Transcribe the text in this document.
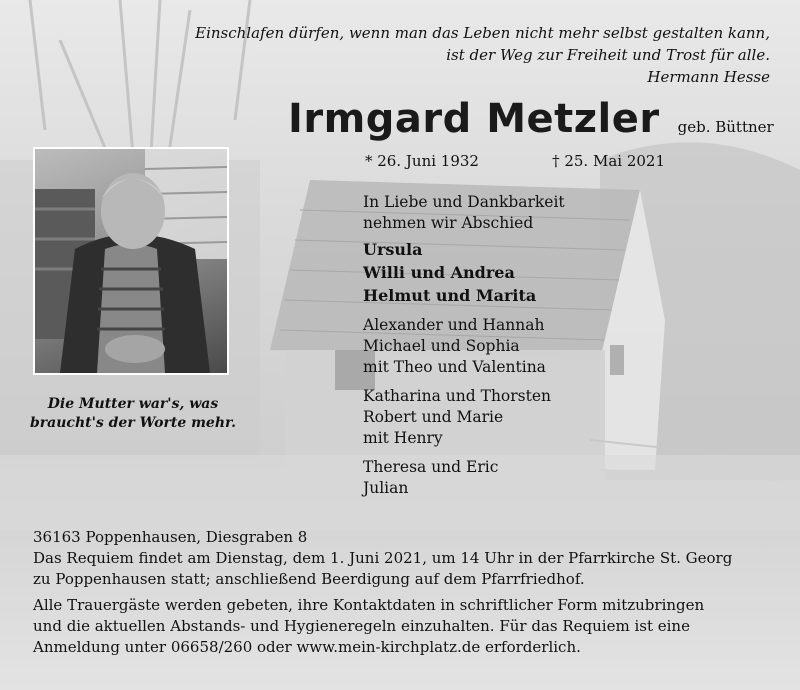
Einschlafen dürfen, wenn man das Leben nicht mehr selbst gestalten kann,
ist der Weg zur Freiheit und Trost für alle.
Hermann Hesse
Irmgard Metzler geb. Büttner
* 26. Juni 1932	† 25. Mai 2021
Die Mutter war's, was
braucht's der Worte mehr.
In Liebe und Dankbarkeit
nehmen wir Abschied
Ursula
Willi und Andrea
Helmut und Marita
Alexander und Hannah
Michael und Sophia
mit Theo und Valentina
Katharina und Thorsten
Robert und Marie
mit Henry
Theresa und Eric
Julian

36163 Poppenhausen, Diesgraben 8

Das Requiem findet am Dienstag, dem 1. Juni 2021, um 14 Uhr in der Pfarrkirche St. Georg

zu Poppenhausen statt; anschließend Beerdigung auf dem Pfarrfriedhof.

Alle Trauergäste werden gebeten, ihre Kontaktdaten in schriftlicher Form mitzubringen

und die aktuellen Abstands- und Hygieneregeln einzuhalten. Für das Requiem ist eine

Anmeldung unter 06658/260 oder www.mein-kirchplatz.de erforderlich.
